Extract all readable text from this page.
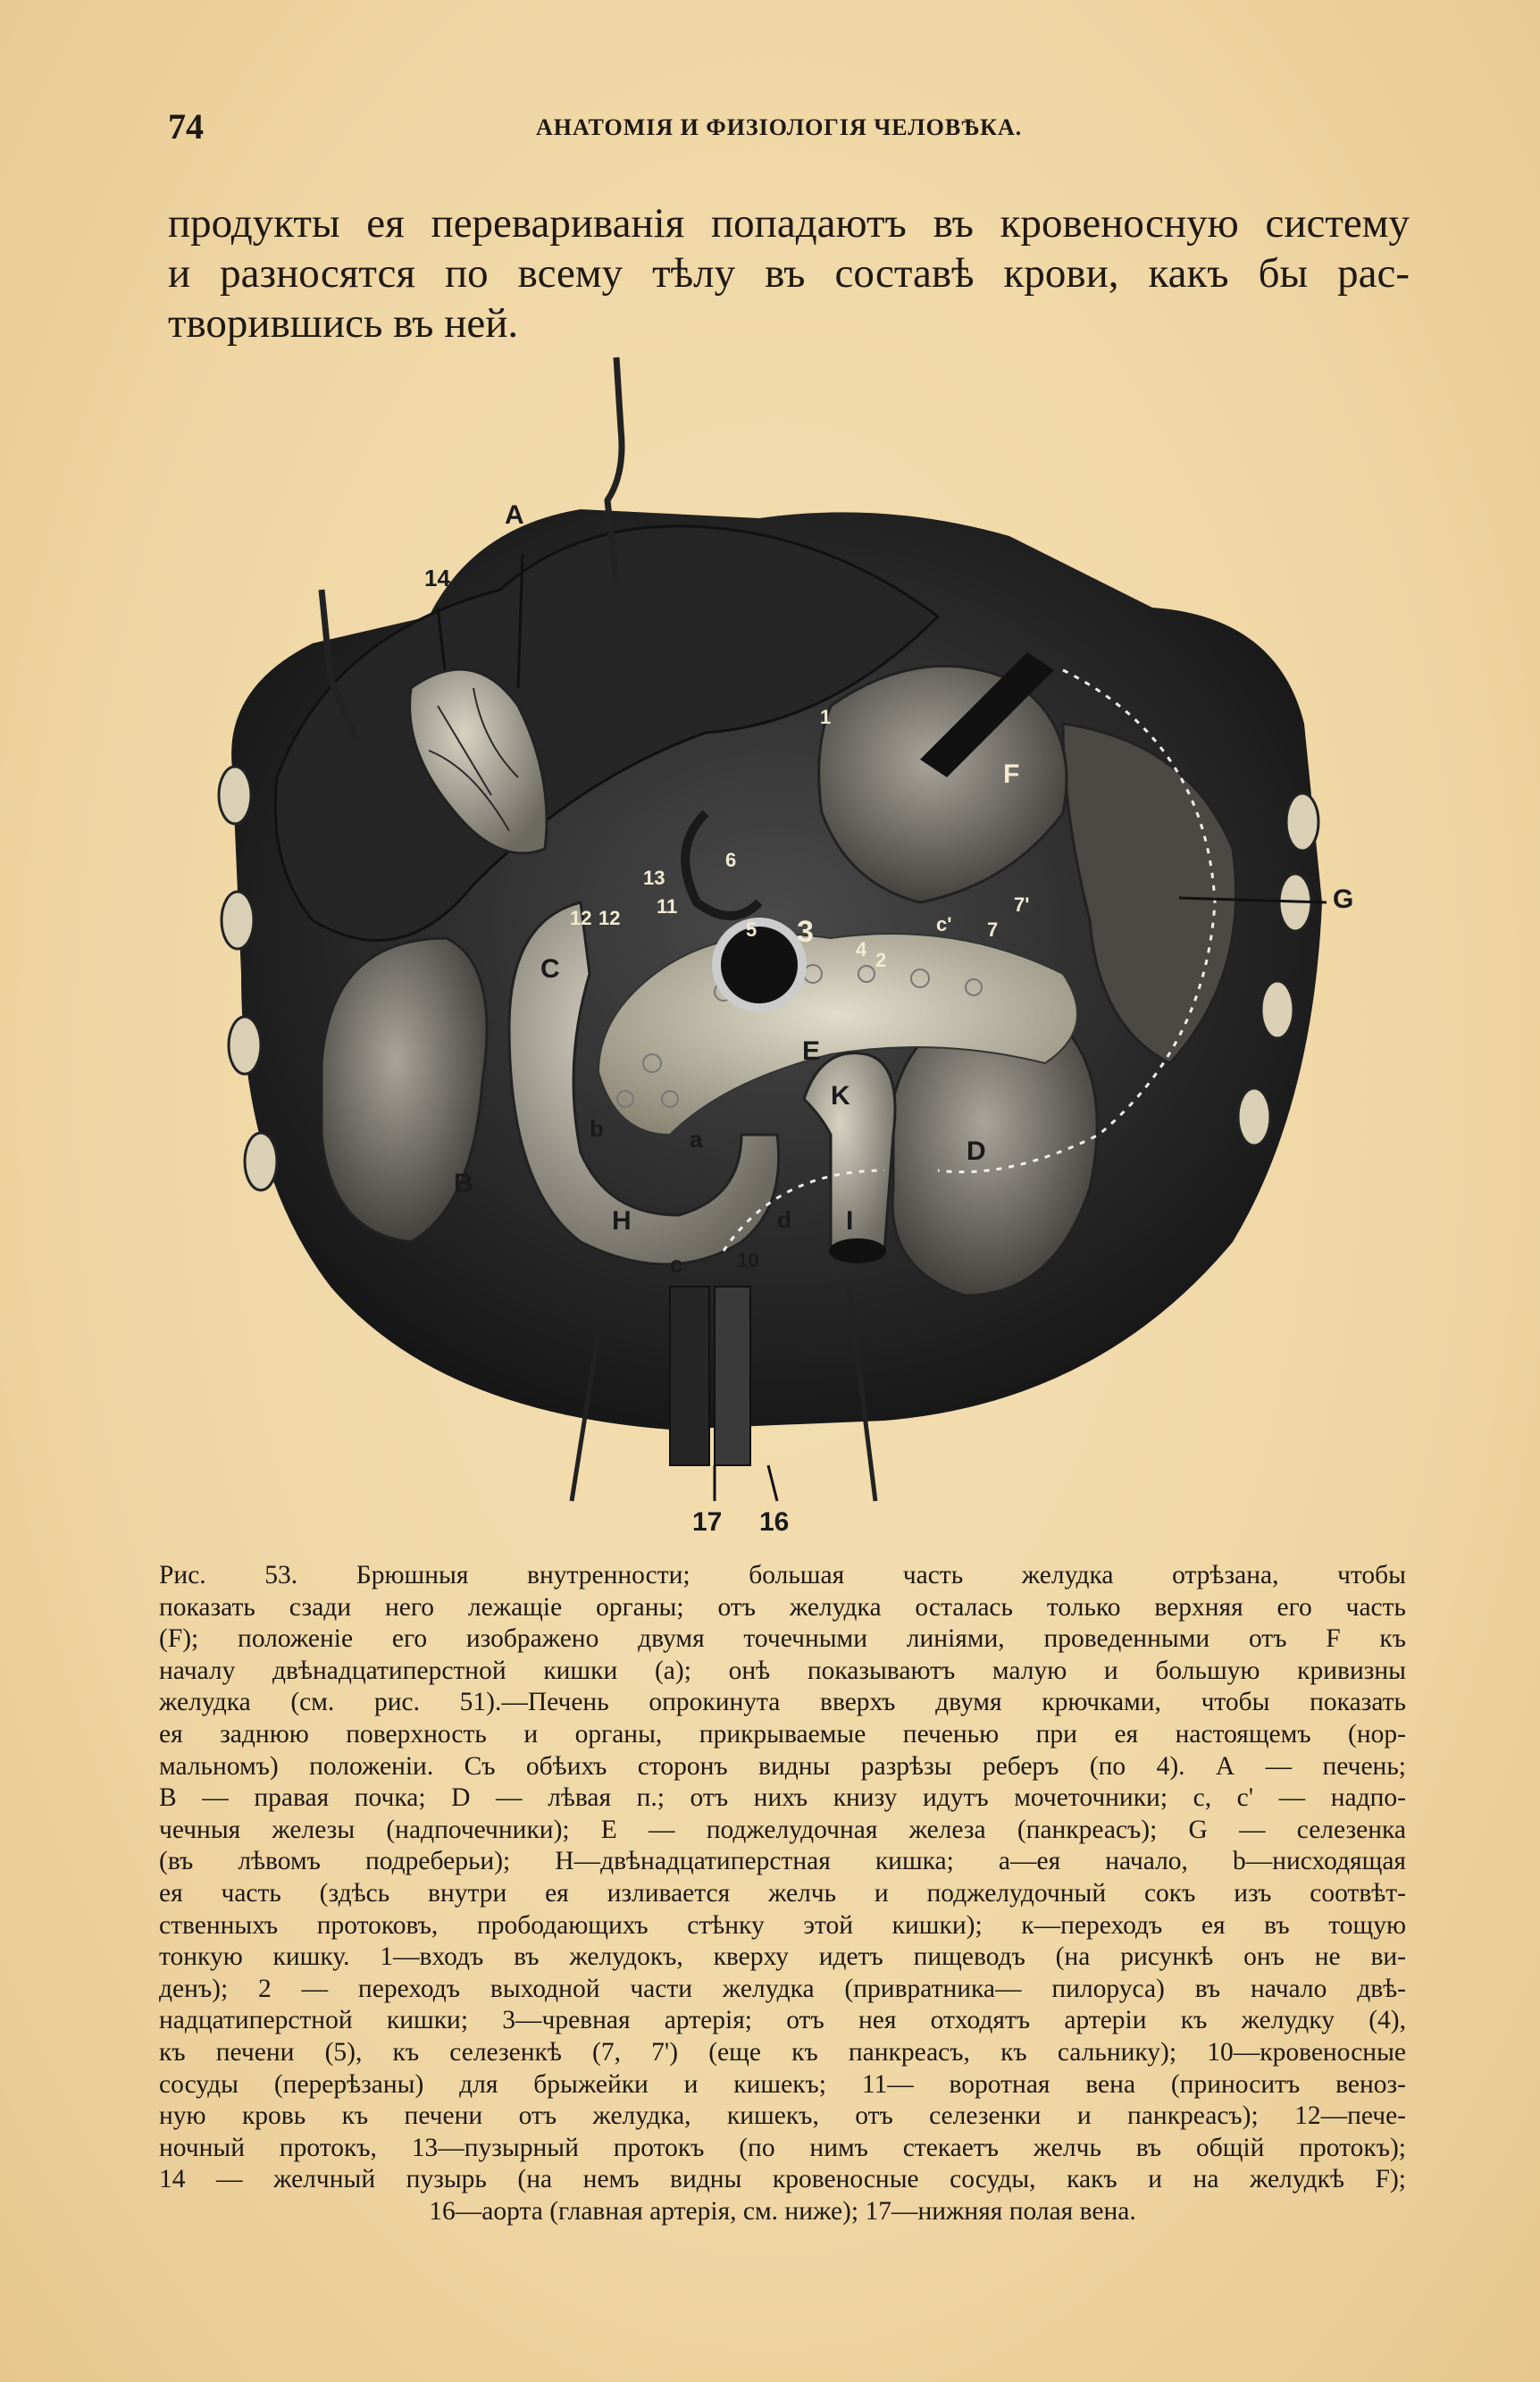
74	АНАТОМІЯ И ФИЗІОЛОГІЯ ЧЕЛОВѢКА.
продукты ея перевариванія попадаютъ въ кровеносную систему
и разносятся по всему тѣлу въ составѣ крови, какъ бы рас-
творившись въ ней.
A
14
G
F
C
B
D
E
K
I
H
b	a
c
c'
d
1
2
3
4
5
6
7
7'
10
11
12 12
13
16
17
Рис. 53. Брюшныя внутренности; большая часть желудка отрѣзана, чтобы
показать сзади него лежащіе органы; отъ желудка осталась только верхняя его часть
(F); положеніе его изображено двумя точечными линіями, проведенными отъ F къ
началу двѣнадцатиперстной кишки (а); онѣ показываютъ малую и большую кривизны
желудка (см. рис. 51).—Печень опрокинута вверхъ двумя крючками, чтобы показать
ея заднюю поверхность и органы, прикрываемые печенью при ея настоящемъ (нор-
мальномъ) положеніи. Съ обѣихъ сторонъ видны разрѣзы реберъ (по 4). А — печень;
В — правая почка; D — лѣвая п.; отъ нихъ книзу идутъ мочеточники; с, с' — надпо-
чечныя железы (надпочечники); Е — поджелудочная железа (панкреасъ); G — селезенка
(въ лѣвомъ подреберьи); Н—двѣнадцатиперстная кишка; а—ея начало, b—нисходящая
ея часть (здѣсь внутри ея изливается желчь и поджелудочный сокъ изъ соотвѣт-
ственныхъ протоковъ, прободающихъ стѣнку этой кишки); к—переходъ ея въ тощую
тонкую кишку. 1—входъ въ желудокъ, кверху идетъ пищеводъ (на рисункѣ онъ не ви-
денъ); 2 — переходъ выходной части желудка (привратника— пилоруса) въ начало двѣ-
надцатиперстной кишки; 3—чревная артерія; отъ нея отходятъ артеріи къ желудку (4),
къ печени (5), къ селезенкѣ (7, 7') (еще къ панкреасъ, къ сальнику); 10—кровеносные
сосуды (перерѣзаны) для брыжейки и кишекъ; 11— воротная вена (приноситъ веноз-
ную кровь къ печени отъ желудка, кишекъ, отъ селезенки и панкреасъ); 12—пече-
ночный протокъ, 13—пузырный протокъ (по нимъ стекаетъ желчь въ общій протокъ);
14 — желчный пузырь (на немъ видны кровеносные сосуды, какъ и на желудкѣ F);
16—аорта (главная артерія, см. ниже); 17—нижняя полая вена.
